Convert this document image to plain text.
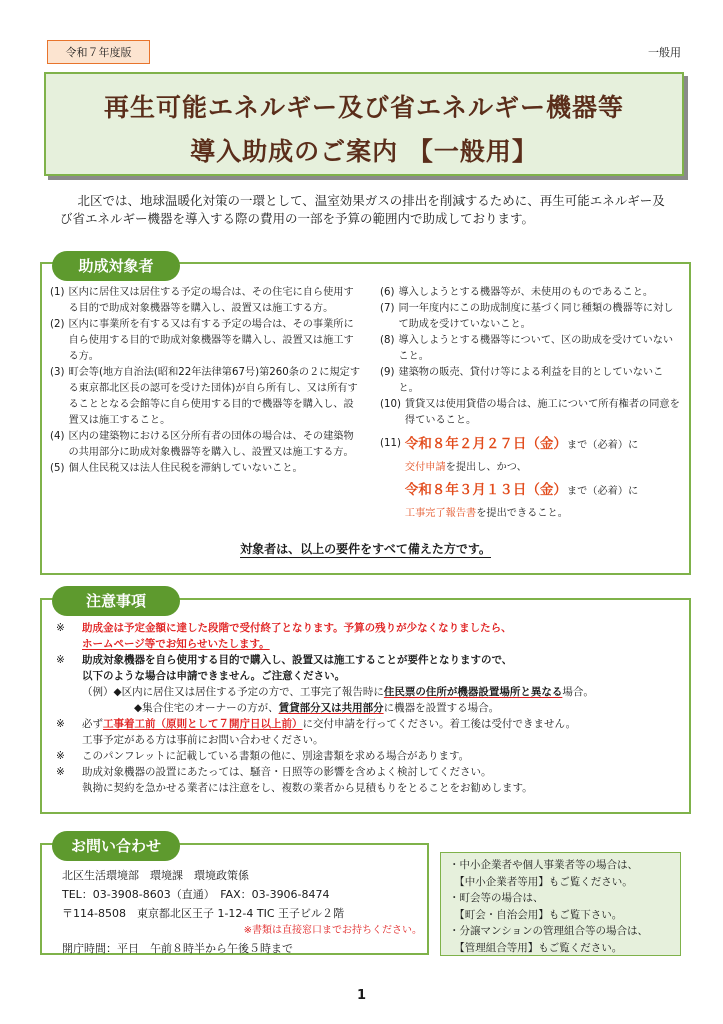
令和７年度版	一般用
再生可能エネルギー及び省エネルギー機器等
導入助成のご案内 【一般用】
北区では、地球温暖化対策の一環として、温室効果ガスの排出を削減するために、再生可能エネルギー及び省エネルギー機器を導入する際の費用の一部を予算の範囲内で助成しております。
助成対象者
(1) 区内に居住又は居住する予定の場合は、その住宅に自ら使用する目的で助成対象機器等を購入し、設置又は施工する方。
(2) 区内に事業所を有する又は有する予定の場合は、その事業所に自ら使用する目的で助成対象機器等を購入し、設置又は施工する方。
(3) 町会等(地方自治法(昭和22年法律第67号)第260条の２に規定する東京都北区長の認可を受けた団体)が自ら所有し、又は所有することとなる会館等に自ら使用する目的で機器等を購入し、設置又は施工すること。
(4) 区内の建築物における区分所有者の団体の場合は、その建築物の共用部分に助成対象機器等を購入し、設置又は施工する方。
(5) 個人住民税又は法人住民税を滞納していないこと。
(6) 導入しようとする機器等が、未使用のものであること。
(7) 同一年度内にこの助成制度に基づく同じ種類の機器等に対して助成を受けていないこと。
(8) 導入しようとする機器等について、区の助成を受けていないこと。
(9) 建築物の販売、貸付け等による利益を目的としていないこと。
(10) 賃貸又は使用貸借の場合は、施工について所有権者の同意を得ていること。
(11) 令和８年２月２７日（金）まで（必着）に
交付申請を提出し、かつ、
令和８年３月１３日（金）まで（必着）に
工事完了報告書を提出できること。
対象者は、以上の要件をすべて備えた方です。
注意事項
※	助成金は予定金額に達した段階で受付終了となります。予算の残りが少なくなりましたら、
ホームページ等でお知らせいたします。
※	助成対象機器を自ら使用する目的で購入し、設置又は施工することが要件となりますので、
以下のような場合は申請できません。ご注意ください。
（例）◆区内に居住又は居住する予定の方で、工事完了報告時に住民票の住所が機器設置場所と異なる場合。
◆集合住宅のオーナーの方が、賃貸部分又は共用部分に機器を設置する場合。
※	必ず工事着工前（原則として７開庁日以上前）に交付申請を行ってください。着工後は受付できません。
工事予定がある方は事前にお問い合わせください。
※	このパンフレットに記載している書類の他に、別途書類を求める場合があります。
※	助成対象機器の設置にあたっては、騒音・日照等の影響を含めよく検討してください。
執拗に契約を急かせる業者には注意をし、複数の業者から見積もりをとることをお勧めします。
お問い合わせ
北区生活環境部　環境課　環境政策係
TEL：03-3908-8603（直通）　FAX：03-3906-8474
〒114-8508　東京都北区王子 1-12-4 TIC 王子ビル２階
※書類は直接窓口までお持ちください。
開庁時間：平日　午前８時半から午後５時まで
・中小企業者や個人事業者等の場合は、
　【中小企業者等用】もご覧ください。
・町会等の場合は、
　【町会・自治会用】もご覧下さい。
・分譲マンションの管理組合等の場合は、
　【管理組合等用】もご覧ください。
1
